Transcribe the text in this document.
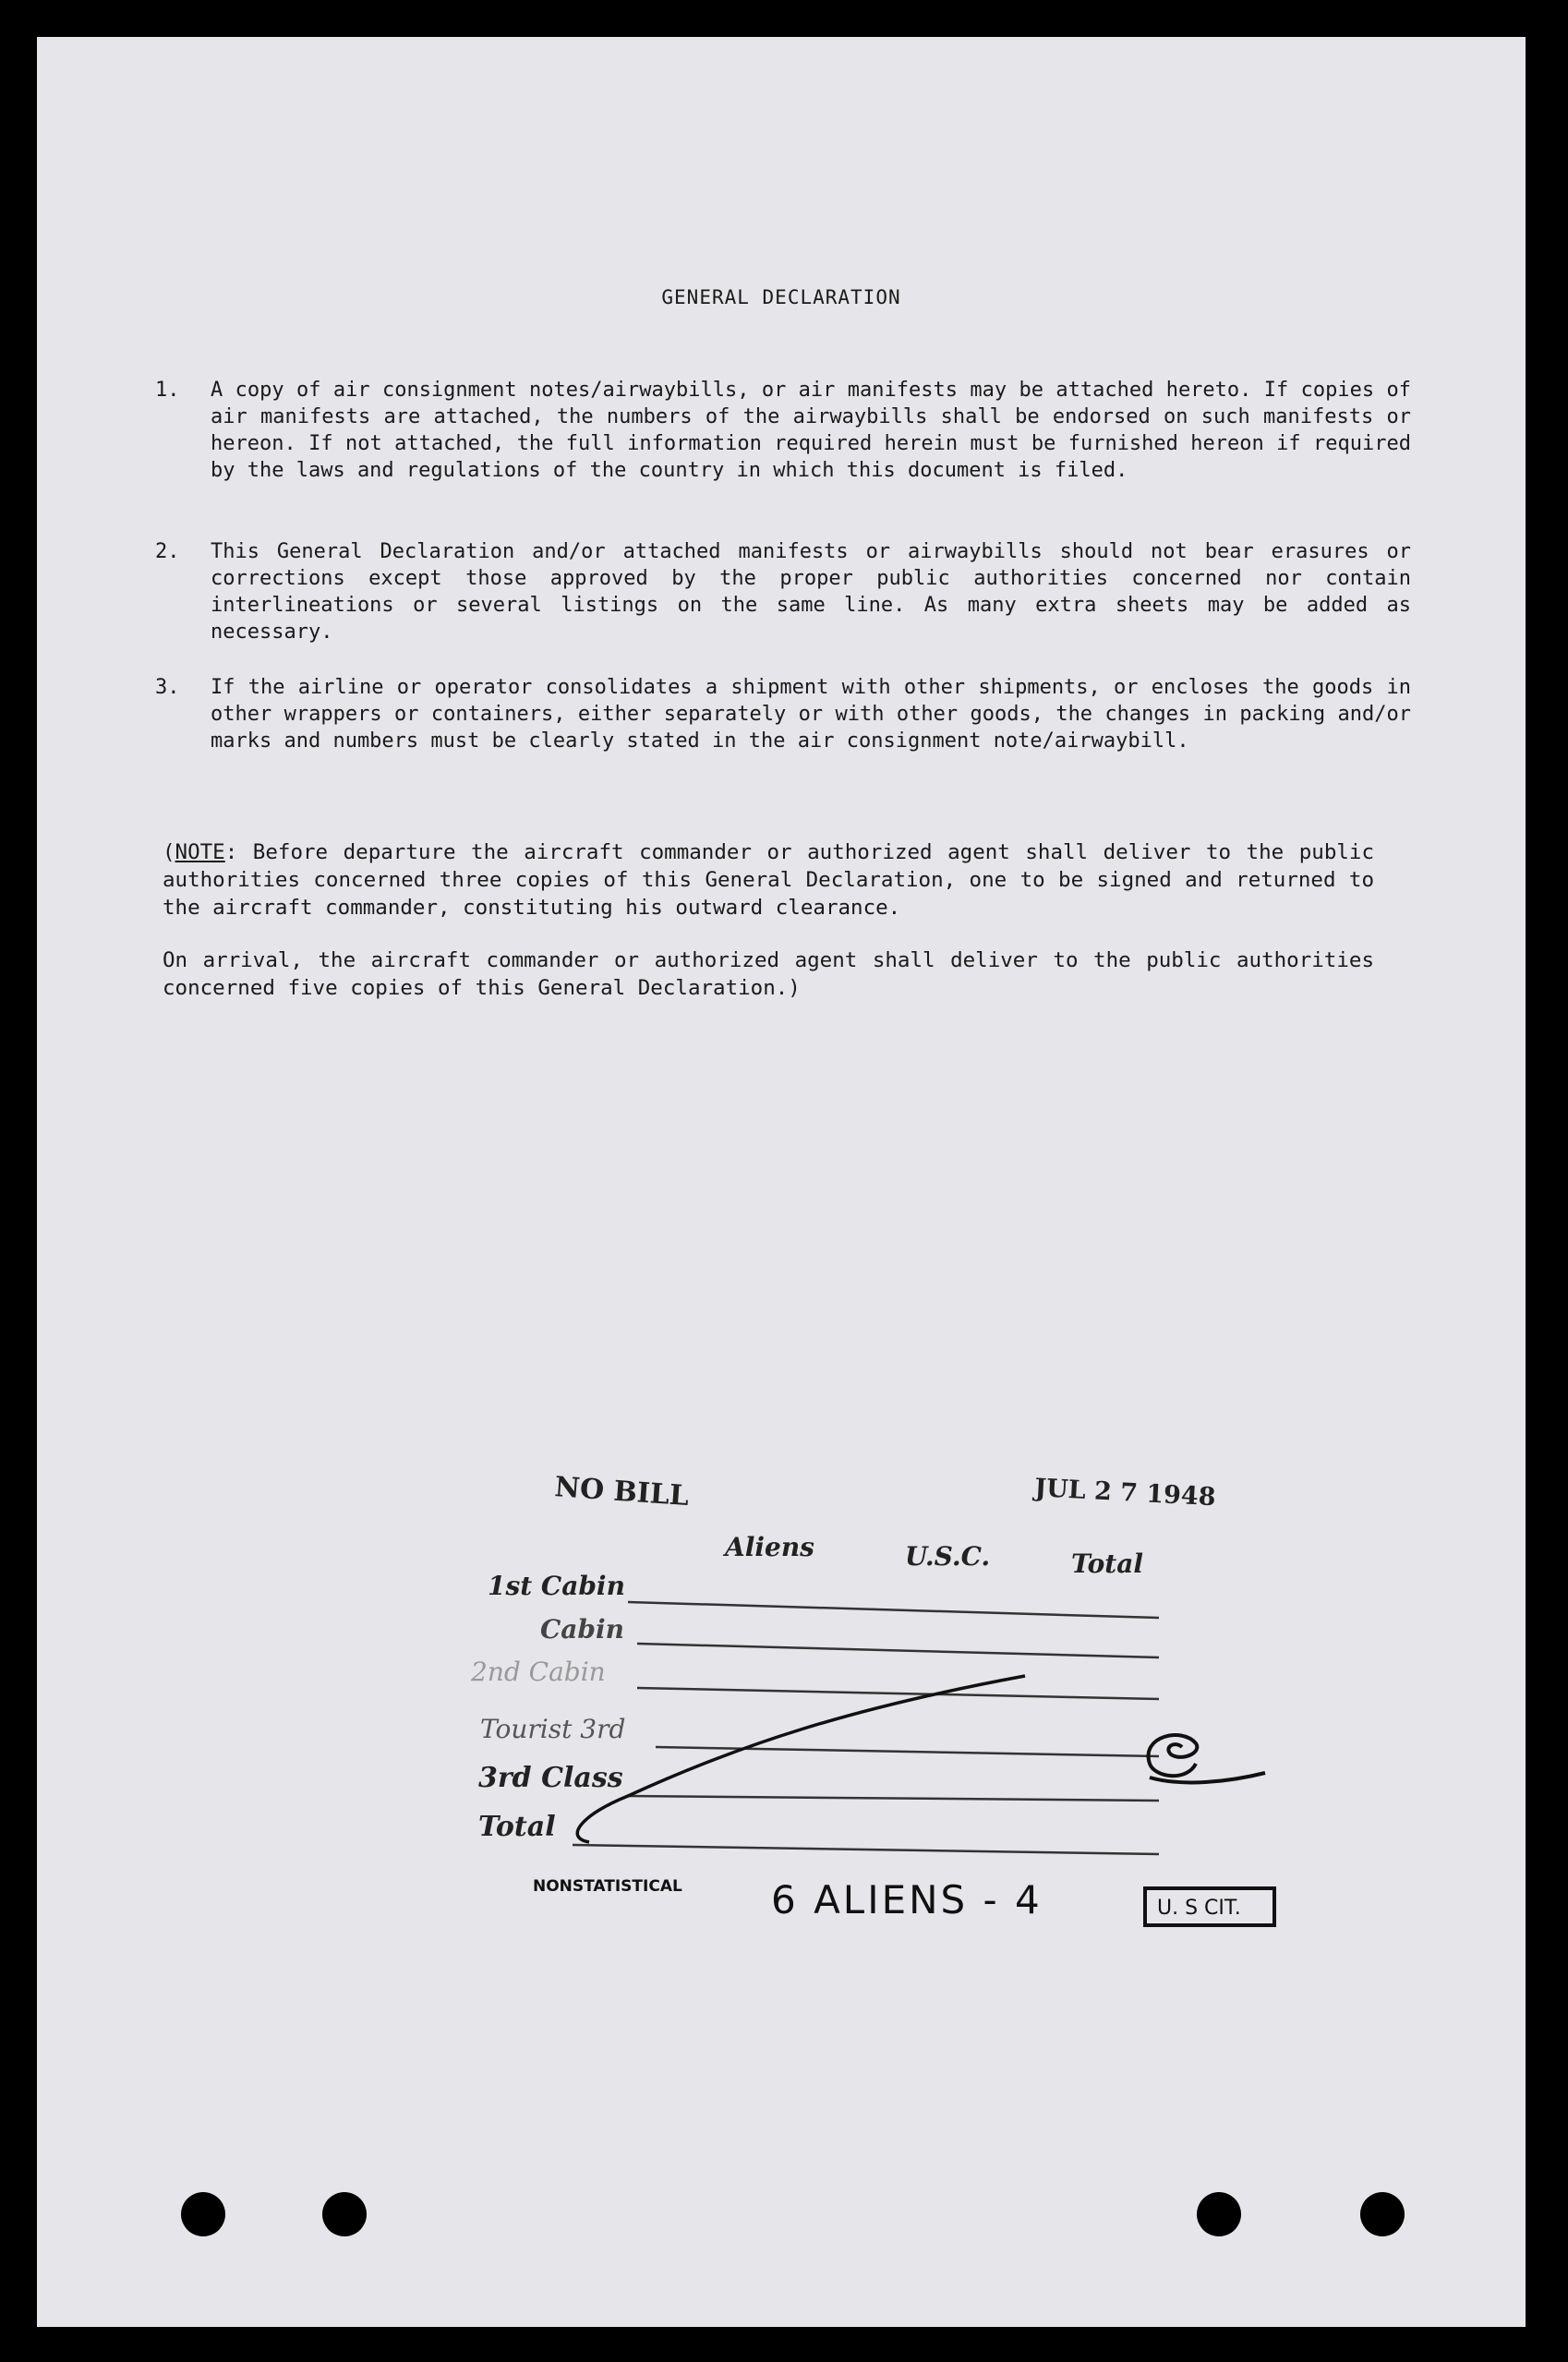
GENERAL DECLARATION
1. A copy of air consignment notes/airwaybills, or air manifests may be attached hereto. If copies of air manifests are attached, the numbers of the airwaybills shall be endorsed on such manifests or hereon. If not attached, the full information required herein must be furnished hereon if required by the laws and regulations of the country in which this document is filed.
2. This General Declaration and/or attached manifests or airwaybills should not bear erasures or corrections except those approved by the proper public authorities concerned nor contain interlineations or several listings on the same line. As many extra sheets may be added as necessary.
3. If the airline or operator consolidates a shipment with other shipments, or encloses the goods in other wrappers or containers, either separately or with other goods, the changes in packing and/or marks and numbers must be clearly stated in the air consignment note/airwaybill.
(NOTE: Before departure the aircraft commander or authorized agent shall deliver to the public authorities concerned three copies of this General Declaration, one to be signed and returned to the aircraft commander, constituting his outward clearance.
On arrival, the aircraft commander or authorized agent shall deliver to the public authorities concerned five copies of this General Declaration.)
NO BILL	JUL 2 7 1948
Aliens	U.S.C.	Total
1st Cabin
Cabin
2nd Cabin
Tourist 3rd
3rd Class
Total
NONSTATISTICAL 6 ALIENS - 4	U. S CIT.
